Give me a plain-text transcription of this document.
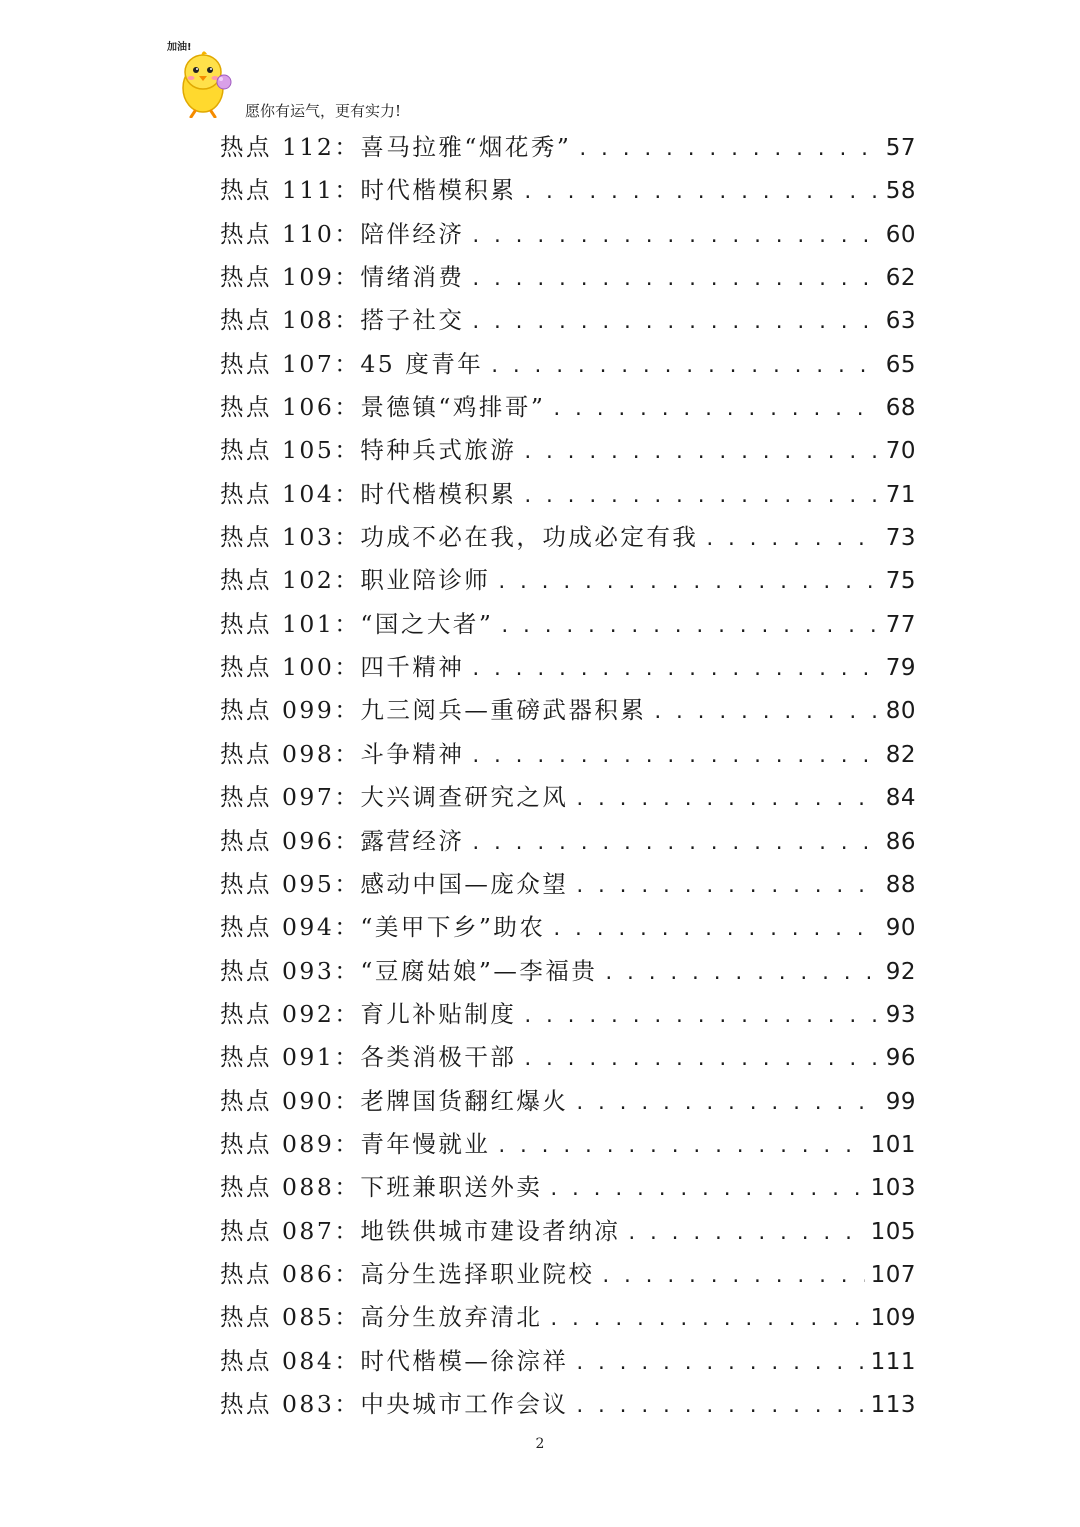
加油!
愿你有运气，更有实力!
热点 112： 喜马拉雅“烟花秀” . . .	57
热点 111： 时代楷模积累 . . .	58
热点 110： 陪伴经济 . . .	60
热点 109： 情绪消费 . . .	62
热点 108： 搭子社交 . . .	63
热点 107： 45 度青年 . . .	65
热点 106： 景德镇“鸡排哥” . . .	68
热点 105： 特种兵式旅游 . . .	70
热点 104： 时代楷模积累 . . .	71
热点 103： 功成不必在我，功成必定有我 . . .	73
热点 102： 职业陪诊师 . . .	75
热点 101： “国之大者” . . .	77
热点 100： 四千精神 . . .	79
热点 099： 九三阅兵—重磅武器积累 . . .	80
热点 098： 斗争精神 . . .	82
热点 097： 大兴调查研究之风 . . .	84
热点 096： 露营经济 . . .	86
热点 095： 感动中国—庞众望 . . .	88
热点 094： “美甲下乡”助农 . . .	90
热点 093： “豆腐姑娘”—李福贵 . . .	92
热点 092： 育儿补贴制度 . . .	93
热点 091： 各类消极干部 . . .	96
热点 090： 老牌国货翻红爆火 . . .	99
热点 089： 青年慢就业 . . .	101
热点 088： 下班兼职送外卖 . . .	103
热点 087： 地铁供城市建设者纳凉 . . .	105
热点 086： 高分生选择职业院校 . . .	107
热点 085： 高分生放弃清北 . . .	109
热点 084： 时代楷模—徐淙祥 . . .	111
热点 083： 中央城市工作会议 . . .	113
2
